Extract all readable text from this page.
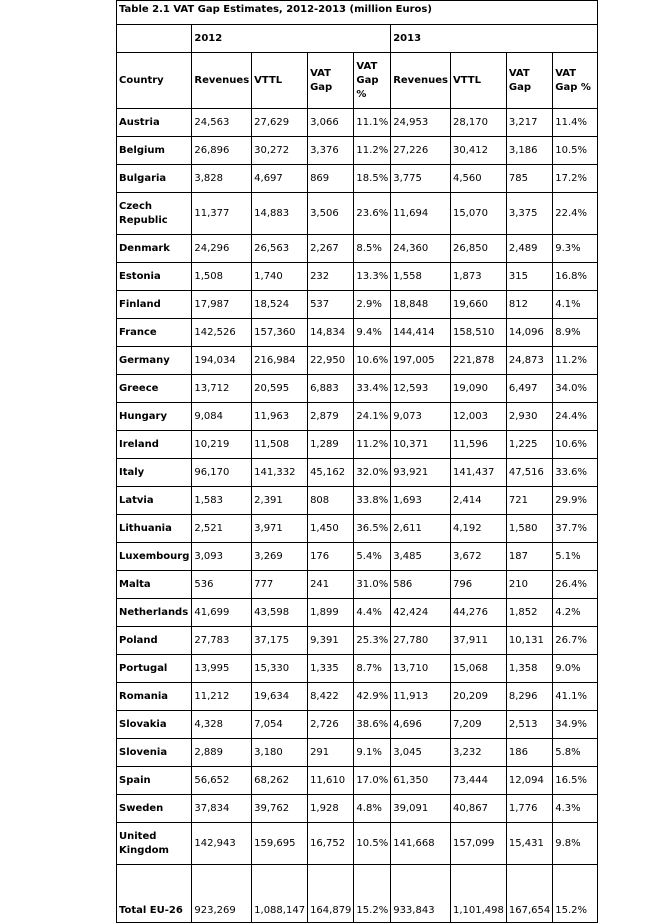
Table 2.1 VAT Gap Estimates, 2012-2013 (million Euros)								
	2012				2013			
Country	Revenues	VTTL	VAT Gap	VAT Gap %	Revenues	VTTL	VAT Gap	VAT Gap %
Austria	24,563	27,629	3,066	11.1%	24,953	28,170	3,217	11.4%
Belgium	26,896	30,272	3,376	11.2%	27,226	30,412	3,186	10.5%
Bulgaria	3,828	4,697	869	18.5%	3,775	4,560	785	17.2%
Czech Republic	11,377	14,883	3,506	23.6%	11,694	15,070	3,375	22.4%
Denmark	24,296	26,563	2,267	8.5%	24,360	26,850	2,489	9.3%
Estonia	1,508	1,740	232	13.3%	1,558	1,873	315	16.8%
Finland	17,987	18,524	537	2.9%	18,848	19,660	812	4.1%
France	142,526	157,360	14,834	9.4%	144,414	158,510	14,096	8.9%
Germany	194,034	216,984	22,950	10.6%	197,005	221,878	24,873	11.2%
Greece	13,712	20,595	6,883	33.4%	12,593	19,090	6,497	34.0%
Hungary	9,084	11,963	2,879	24.1%	9,073	12,003	2,930	24.4%
Ireland	10,219	11,508	1,289	11.2%	10,371	11,596	1,225	10.6%
Italy	96,170	141,332	45,162	32.0%	93,921	141,437	47,516	33.6%
Latvia	1,583	2,391	808	33.8%	1,693	2,414	721	29.9%
Lithuania	2,521	3,971	1,450	36.5%	2,611	4,192	1,580	37.7%
Luxembourg	3,093	3,269	176	5.4%	3,485	3,672	187	5.1%
Malta	536	777	241	31.0%	586	796	210	26.4%
Netherlands	41,699	43,598	1,899	4.4%	42,424	44,276	1,852	4.2%
Poland	27,783	37,175	9,391	25.3%	27,780	37,911	10,131	26.7%
Portugal	13,995	15,330	1,335	8.7%	13,710	15,068	1,358	9.0%
Romania	11,212	19,634	8,422	42.9%	11,913	20,209	8,296	41.1%
Slovakia	4,328	7,054	2,726	38.6%	4,696	7,209	2,513	34.9%
Slovenia	2,889	3,180	291	9.1%	3,045	3,232	186	5.8%
Spain	56,652	68,262	11,610	17.0%	61,350	73,444	12,094	16.5%
Sweden	37,834	39,762	1,928	4.8%	39,091	40,867	1,776	4.3%
United Kingdom	142,943	159,695	16,752	10.5%	141,668	157,099	15,431	9.8%
Total EU-26	923,269	1,088,147	164,879	15.2%	933,843	1,101,498	167,654	15.2%
